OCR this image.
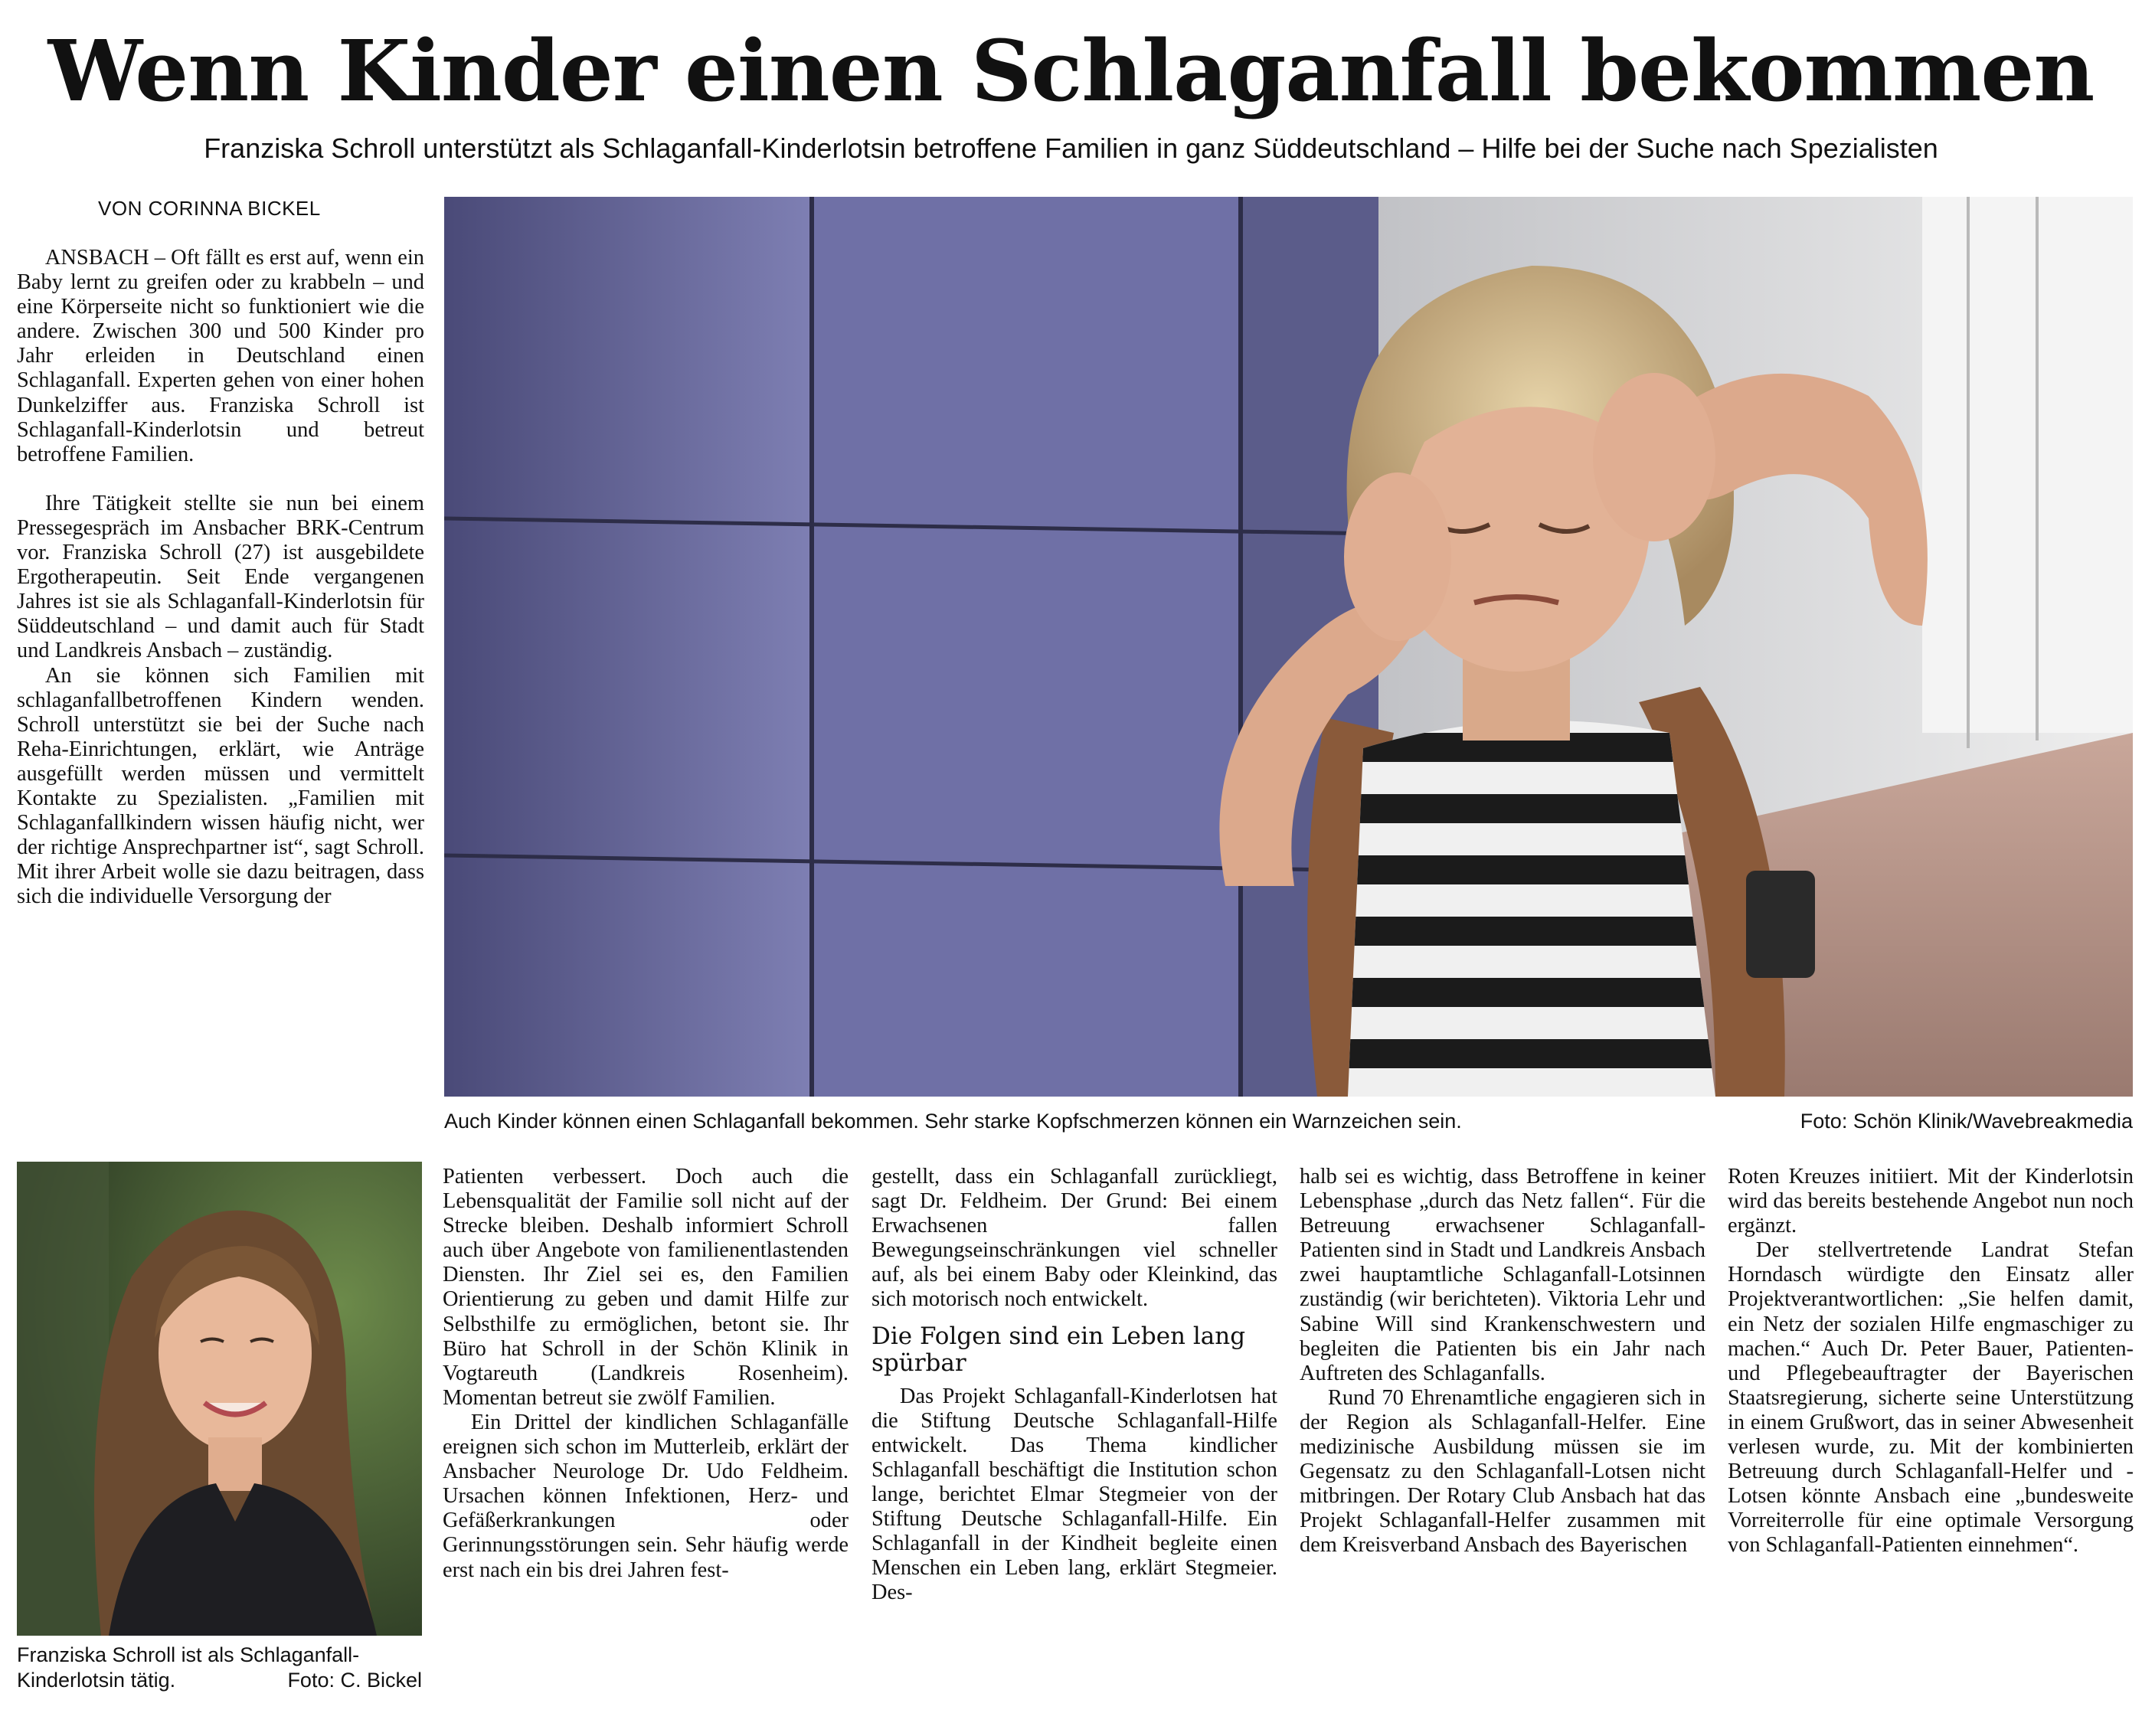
Wenn Kinder einen Schlaganfall bekommen
Franziska Schroll unterstützt als Schlaganfall-Kinderlotsin betroffene Familien in ganz Süddeutschland – Hilfe bei der Suche nach Spezialisten
VON CORINNA BICKEL

ANSBACH – Oft fällt es erst auf, wenn ein Baby lernt zu greifen oder zu krabbeln – und eine Körperseite nicht so funktioniert wie die andere. Zwischen 300 und 500 Kinder pro Jahr erleiden in Deutschland einen Schlaganfall. Experten gehen von einer hohen Dunkelziffer aus. Franziska Schroll ist Schlaganfall-Kinderlotsin und betreut betroffene Familien.

Ihre Tätigkeit stellte sie nun bei einem Pressegespräch im Ansbacher BRK-Centrum vor. Franziska Schroll (27) ist ausgebildete Ergotherapeutin. Seit Ende vergangenen Jahres ist sie als Schlaganfall-Kinderlotsin für Süddeutschland – und damit auch für Stadt und Landkreis Ansbach – zuständig.

An sie können sich Familien mit schlaganfallbetroffenen Kindern wenden. Schroll unterstützt sie bei der Suche nach Reha-Einrichtungen, erklärt, wie Anträge ausgefüllt werden müssen und vermittelt Kontakte zu Spezialisten. „Familien mit Schlaganfallkindern wissen häufig nicht, wer der richtige Ansprechpartner ist“, sagt Schroll. Mit ihrer Arbeit wolle sie dazu beitragen, dass sich die individuelle Versorgung der

Auch Kinder können einen Schlaganfall bekommen. Sehr starke Kopfschmerzen können ein Warnzeichen sein.	Foto: Schön Klinik/Wavebreakmedia
Franziska Schroll ist als Schlaganfall-Kinderlotsin tätig.	Foto: C. Bickel

Patienten verbessert. Doch auch die Lebensqualität der Familie soll nicht auf der Strecke bleiben. Deshalb informiert Schroll auch über Angebote von familienentlastenden Diensten. Ihr Ziel sei es, den Familien Orientierung zu geben und damit Hilfe zur Selbsthilfe zu ermöglichen, betont sie. Ihr Büro hat Schroll in der Schön Klinik in Vogtareuth (Landkreis Rosenheim). Momentan betreut sie zwölf Familien.

Ein Drittel der kindlichen Schlaganfälle ereignen sich schon im Mutterleib, erklärt der Ansbacher Neurologe Dr. Udo Feldheim. Ursachen können Infektionen, Herz- und Gefäßerkrankungen oder Gerinnungsstörungen sein. Sehr häufig werde erst nach ein bis drei Jahren fest-

gestellt, dass ein Schlaganfall zurückliegt, sagt Dr. Feldheim. Der Grund: Bei einem Erwachsenen fallen Bewegungseinschränkungen viel schneller auf, als bei einem Baby oder Kleinkind, das sich motorisch noch entwickelt.

Die Folgen sind ein Leben lang spürbar

Das Projekt Schlaganfall-Kinderlotsen hat die Stiftung Deutsche Schlaganfall-Hilfe entwickelt. Das Thema kindlicher Schlaganfall beschäftigt die Institution schon lange, berichtet Elmar Stegmeier von der Stiftung Deutsche Schlaganfall-Hilfe. Ein Schlaganfall in der Kindheit begleite einen Menschen ein Leben lang, erklärt Stegmeier. Des-

halb sei es wichtig, dass Betroffene in keiner Lebensphase „durch das Netz fallen“. Für die Betreuung erwachsener Schlaganfall-Patienten sind in Stadt und Landkreis Ansbach zwei hauptamtliche Schlaganfall-Lotsinnen zuständig (wir berichteten). Viktoria Lehr und Sabine Will sind Krankenschwestern und begleiten die Patienten bis ein Jahr nach Auftreten des Schlaganfalls.

Rund 70 Ehrenamtliche engagieren sich in der Region als Schlaganfall-Helfer. Eine medizinische Ausbildung müssen sie im Gegensatz zu den Schlaganfall-Lotsen nicht mitbringen. Der Rotary Club Ansbach hat das Projekt Schlaganfall-Helfer zusammen mit dem Kreisverband Ansbach des Bayerischen

Roten Kreuzes initiiert. Mit der Kinderlotsin wird das bereits bestehende Angebot nun noch ergänzt.

Der stellvertretende Landrat Stefan Horndasch würdigte den Einsatz aller Projektverantwortlichen: „Sie helfen damit, ein Netz der sozialen Hilfe engmaschiger zu machen.“ Auch Dr. Peter Bauer, Patienten- und Pflegebeauftragter der Bayerischen Staatsregierung, sicherte seine Unterstützung in einem Grußwort, das in seiner Abwesenheit verlesen wurde, zu. Mit der kombinierten Betreuung durch Schlaganfall-Helfer und -Lotsen könnte Ansbach eine „bundesweite Vorreiterrolle für eine optimale Versorgung von Schlaganfall-Patienten einnehmen“.
